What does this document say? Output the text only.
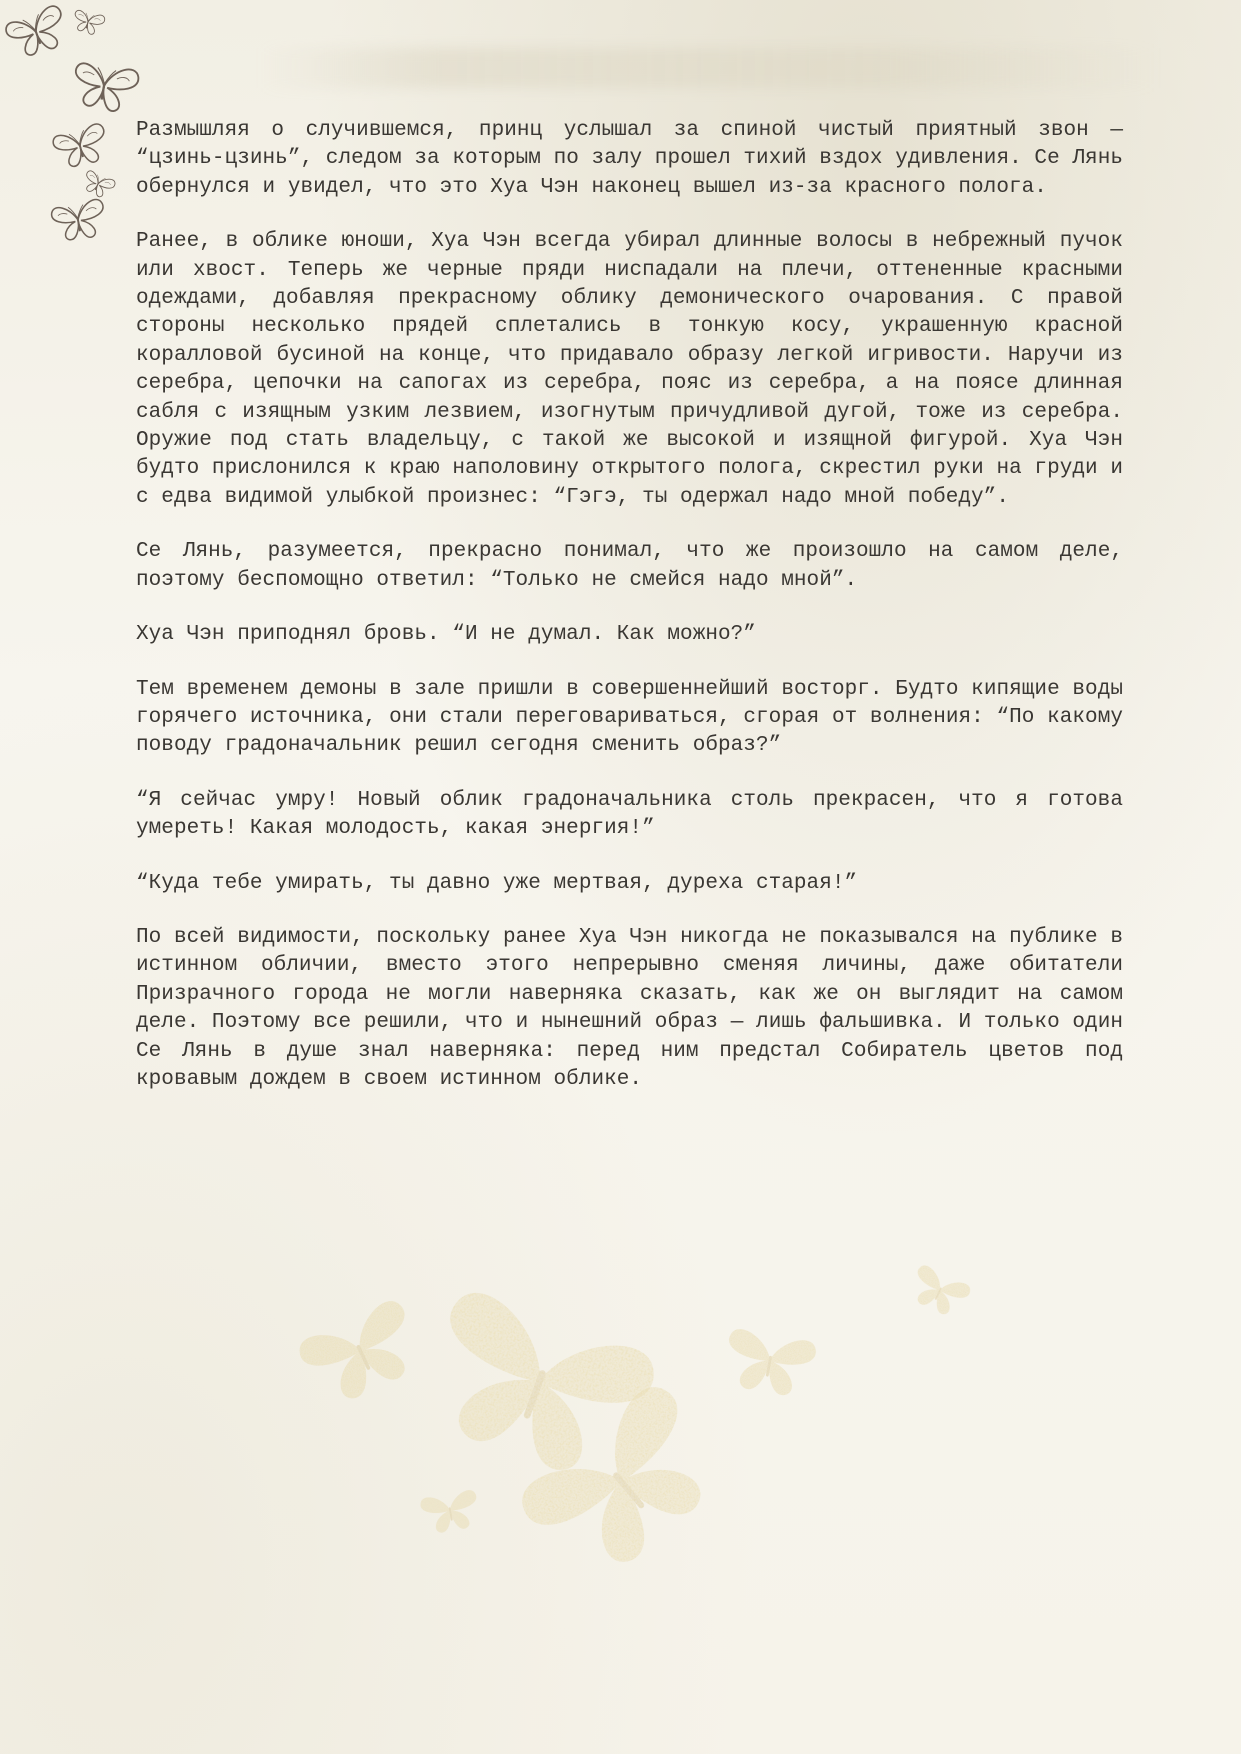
Размышляя о случившемся, принц услышал за спиной чистый приятный звон — “цзинь-цзинь”, следом за которым по залу прошел тихий вздох удивления. Се Лянь обернулся и увидел, что это Хуа Чэн наконец вышел из-за красного полога.

Ранее, в облике юноши, Хуа Чэн всегда убирал длинные волосы в небрежный пучок или хвост. Теперь же черные пряди ниспадали на плечи, оттененные красными одеждами, добавляя прекрасному облику демонического очарования. С правой стороны несколько прядей сплетались в тонкую косу, украшенную красной коралловой бусиной на конце, что придавало образу легкой игривости. Наручи из серебра, цепочки на сапогах из серебра, пояс из серебра, а на поясе длинная сабля с изящным узким лезвием, изогнутым причудливой дугой, тоже из серебра. Оружие под стать владельцу, с такой же высокой и изящной фигурой. Хуа Чэн будто прислонился к краю наполовину открытого полога, скрестил руки на груди и с едва видимой улыбкой произнес: “Гэгэ, ты одержал надо мной победу”.

Се Лянь, разумеется, прекрасно понимал, что же произошло на самом деле, поэтому беспомощно ответил: “Только не смейся надо мной”.

Хуа Чэн приподнял бровь. “И не думал. Как можно?”

Тем временем демоны в зале пришли в совершеннейший восторг. Будто кипящие воды горячего источника, они стали переговариваться, сгорая от волнения: “По какому поводу градоначальник решил сегодня сменить образ?”

“Я сейчас умру! Новый облик градоначальника столь прекрасен, что я готова умереть! Какая молодость, какая энергия!”

“Куда тебе умирать, ты давно уже мертвая, дуреха старая!”

По всей видимости, поскольку ранее Хуа Чэн никогда не показывался на публике в истинном обличии, вместо этого непрерывно сменяя личины, даже обитатели Призрачного города не могли наверняка сказать, как же он выглядит на самом деле. Поэтому все решили, что и нынешний образ — лишь фальшивка. И только один Се Лянь в душе знал наверняка: перед ним предстал Собиратель цветов под кровавым дождем в своем истинном облике.
